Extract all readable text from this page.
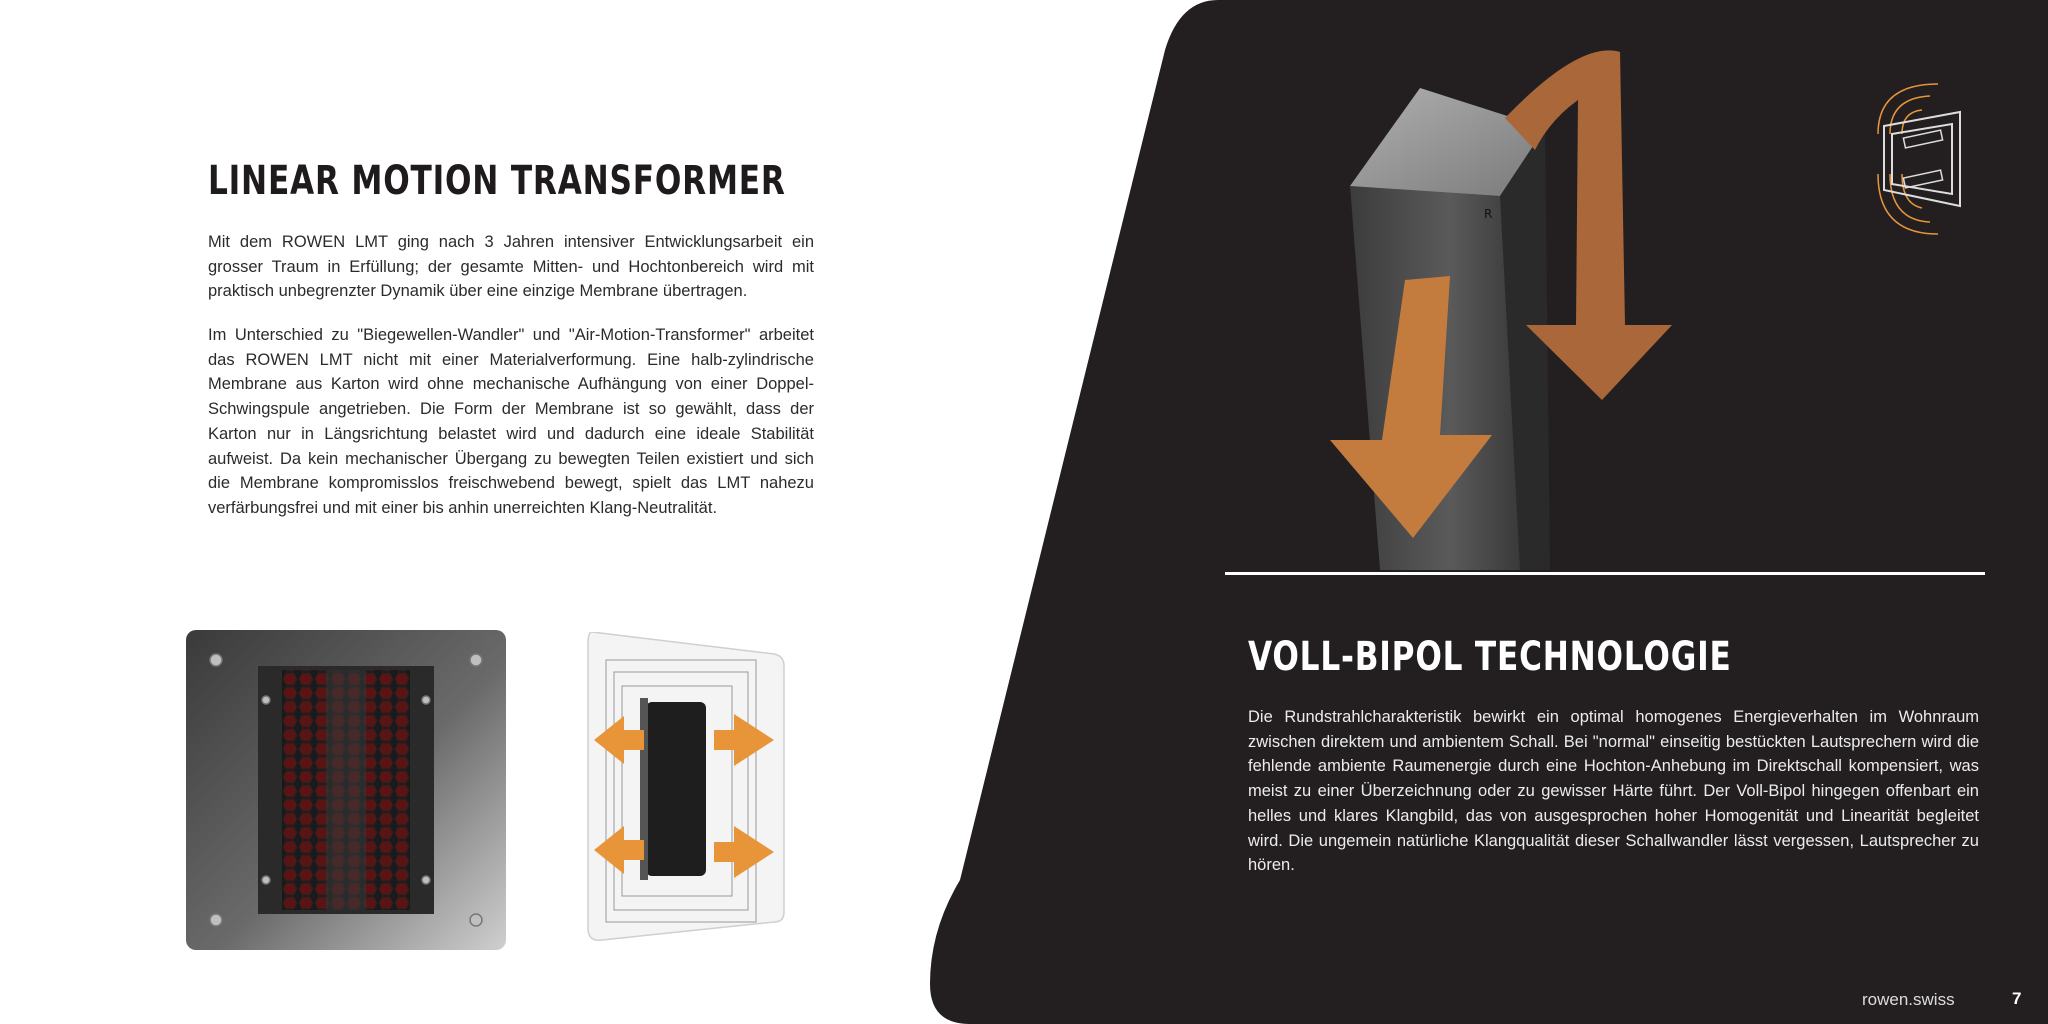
LINEAR MOTION TRANSFORMER

Mit dem ROWEN LMT ging nach 3 Jahren intensiver Entwicklungsarbeit ein grosser Traum in Erfüllung; der gesamte Mitten- und Hochtonbereich wird mit praktisch unbegrenzter Dynamik über eine einzige Membrane übertragen.

Im Unterschied zu "Biegewellen-Wandler" und "Air-Motion-Transformer" arbeitet das ROWEN LMT nicht mit einer Materialverformung. Eine halb-zylindrische Membrane aus Karton wird ohne mechanische Aufhängung von einer Doppel-Schwingspule angetrieben. Die Form der Membrane ist so gewählt, dass der Karton nur in Längsrichtung belastet wird und dadurch eine ideale Stabilität aufweist. Da kein mechanischer Übergang zu bewegten Teilen existiert und sich die Membrane kompromisslos freischwebend bewegt, spielt das LMT nahezu verfärbungsfrei und mit einer bis anhin unerreichten Klang-Neutralität.

R
VOLL-BIPOL TECHNOLOGIE

Die Rundstrahlcharakteristik bewirkt ein optimal homogenes Energieverhalten im Wohnraum zwischen direktem und ambientem Schall. Bei "normal" einseitig bestückten Lautsprechern wird die fehlende ambiente Raumenergie durch eine Hochton-Anhebung im Direktschall kompensiert, was meist zu einer Überzeichnung oder zu gewisser Härte führt. Der Voll-Bipol hingegen offenbart ein helles und klares Klangbild, das von ausgesprochen hoher Homogenität und Linearität begleitet wird. Die ungemein natürliche Klangqualität dieser Schallwandler lässt vergessen, Lautsprecher zu hören.

rowen.swiss	7
